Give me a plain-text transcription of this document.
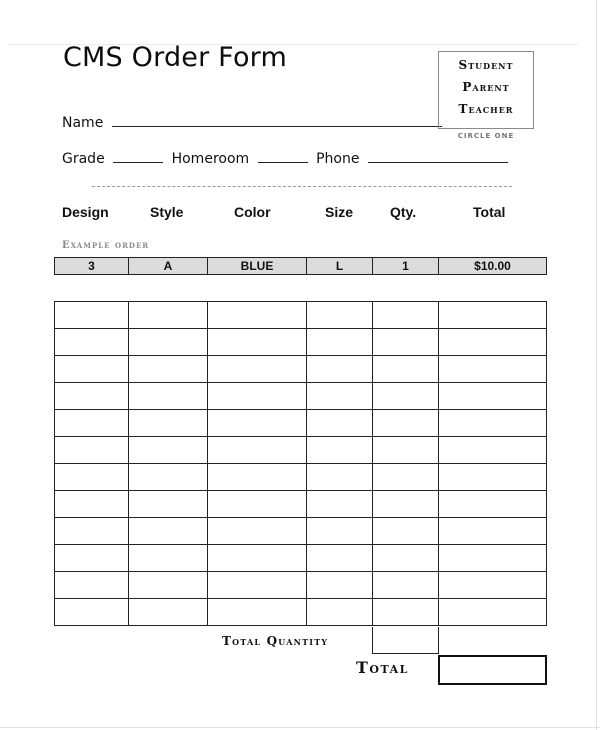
CMS Order Form
Name
Grade	Homeroom	Phone
Student
Parent
Teacher
CIRCLE ONE
Design	Style	Color	Size	Qty.	Total
Example order
3	A	BLUE	L	1	$10.00

Total Quantity
Total
